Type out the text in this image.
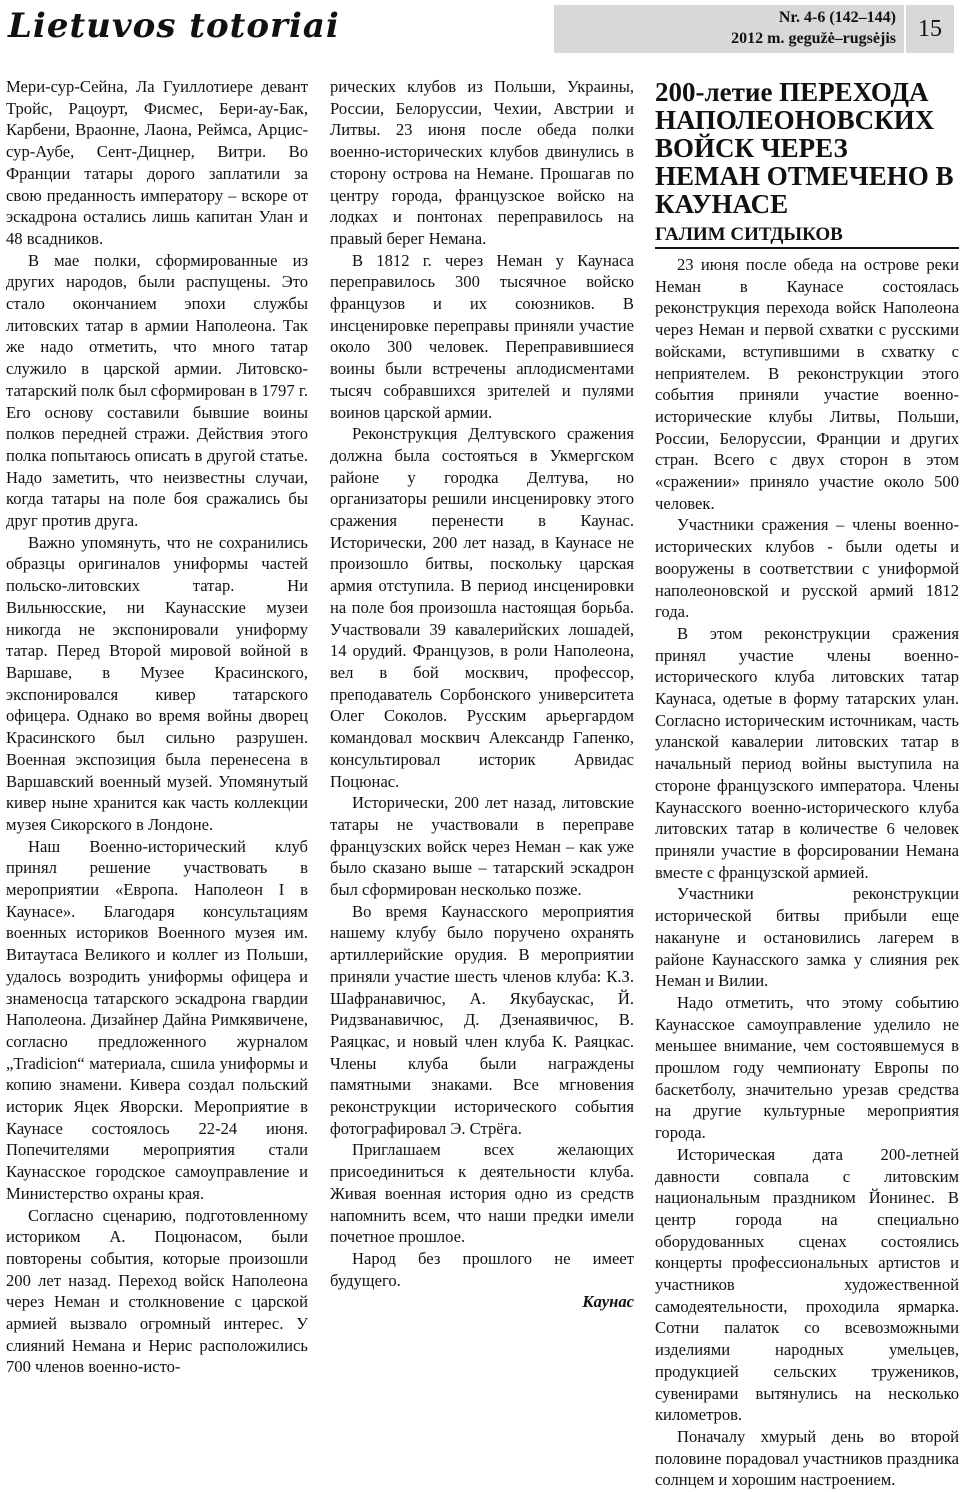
Lietuvos totoriai	Nr. 4-6 (142–144)
2012 m. gegužė–rugsėjis 15

Мери-сур-Сейна, Ла Гуиллотиере девант Тройс, Рацоурт, Фисмес, Бери-ау-Бак, Карбени, Враонне, Лаона, Реймса, Арцис-сур-Аубе, Сент-Дицнер, Витри. Во Франции татары дорого заплатили за свою преданность императору – вскоре от эскадрона остались лишь капитан Улан и 48 всадников.

В мае полки, сформированные из других народов, были распущены. Это стало окончанием эпохи службы литовских татар в армии Наполеона. Так же надо отметить, что много татар служило в царской армии. Литовско-татарский полк был сформирован в 1797 г. Его основу составили бывшие воины полков передней стражи. Действия этого полка попытаюсь описать в другой статье. Надо заметить, что неизвестны случаи, когда татары на поле боя сражались бы друг против друга.

Важно упомянуть, что не сохранились образцы оригиналов униформы частей польско-литовских татар. Ни Вильнюсские, ни Каунасские музеи никогда не экспонировали униформу татар. Перед Второй мировой войной в Варшаве, в Музее Красинского, экспонировался кивер татарского офицера. Однако во время войны дворец Красинского был сильно разрушен. Военная экспозиция была перенесена в Варшавский военный музей. Упомянутый кивер ныне хранится как часть коллекции музея Сикорского в Лондоне.

Наш Военно-исторический клуб принял решение участвовать в мероприятии «Европа. Наполеон I в Каунасе». Благодаря консультациям военных историков Военного музея им. Витаутаса Великого и коллег из Польши, удалось возродить униформы офицера и знаменосца татарского эскадрона гвардии Наполеона. Дизайнер Дайна Римкявичене, согласно предложенного журналом „Tradicion“ материала, сшила униформы и копию знамени. Кивера создал польский историк Яцек Яворски. Мероприятие в Каунасе состоялось 22-24 июня. Попечителями мероприятия стали Каунасское городское самоуправление и Министерство охраны края.

Согласно сценарию, подготовленному историком А. Поцюнасом, были повторены события, которые произошли 200 лет назад. Переход войск Наполеона через Неман и столкновение с царской армией вызвало огромный интерес. У слияний Немана и Нерис расположились 700 членов военно-исто-

рических клубов из Польши, Украины, России, Белоруссии, Чехии, Австрии и Литвы. 23 июня после обеда полки военно-исторических клубов двинулись в сторону острова на Немане. Прошагав по центру города, французское войско на лодках и понтонах переправилось на правый берег Немана.

В 1812 г. через Неман у Каунаса переправилось 300 тысячное войско французов и их союзников. В инсценировке переправы приняли участие около 300 человек. Переправившиеся воины были встречены аплодисментами тысяч собравшихся зрителей и пулями воинов царской армии.

Реконструкция Делтувского сражения должна была состояться в Укмергском районе у городка Делтува, но организаторы решили инсценировку этого сражения перенести в Каунас. Исторически, 200 лет назад, в Каунасе не произошло битвы, поскольку царская армия отступила. В период инсценировки на поле боя произошла настоящая борьба. Участвовали 39 кавалерийских лошадей, 14 орудий. Французов, в роли Наполеона, вел в бой москвич, профессор, преподаватель Сорбонского университета Олег Соколов. Русским арьергардом командовал москвич Александр Гапенко, консультировал историк Арвидас Поцюнас.

Исторически, 200 лет назад, литовские татары не участвовали в переправе французских войск через Неман – как уже было сказано выше – татарский эскадрон был сформирован несколько позже.

Во время Каунасского мероприятия нашему клубу было поручено охранять артиллерийские орудия. В мероприятии приняли участие шесть членов клуба: К.З. Шафранавичюс, А. Якубаускас, Й. Ридзванавичюс, Д. Дзенаявичюс, В. Раяцкас, и новый член клуба К. Раяцкас. Члены клуба были награждены памятными знаками. Все мгновения реконструкции исторического события фотографировал Э. Стрёга.

Приглашаем всех желающих присоединиться к деятельности клуба. Живая военная история одно из средств напомнить всем, что наши предки имели почетное прошлое.

Народ без прошлого не имеет будущего.

Каунас

200-летие ПЕРЕХОДА НАПОЛЕОНОВСКИХ ВОЙСК ЧЕРЕЗ НЕМАН ОТМЕЧЕНО В КАУНАСЕ
ГАЛИМ СИТДЫКОВ

23 июня после обеда на острове реки Неман в Каунасе состоялась реконструкция перехода войск Наполеона через Неман и первой схватки с русскими войсками, вступившими в схватку с неприятелем. В реконструкции этого события приняли участие военно-исторические клубы Литвы, Польши, России, Белоруссии, Франции и других стран. Всего с двух сторон в этом «сражении» приняло участие около 500 человек.

Участники сражения – члены военно-исторических клубов - были одеты и вооружены в соответствии с униформой наполеоновской и русской армий 1812 года.

В этом реконструкции сражения принял участие члены военно-исторического клуба литовских татар Каунаса, одетые в форму татарских улан. Согласно историческим источникам, часть уланской кавалерии литовских татар в начальный период войны выступила на стороне французского императора. Члены Каунасского военно-исторического клуба литовских татар в количестве 6 человек приняли участие в форсировании Немана вместе с французской армией.

Участники реконструкции исторической битвы прибыли еще накануне и остановились лагерем в районе Каунасского замка у слияния рек Неман и Вилии.

Надо отметить, что этому событию Каунасское самоуправление уделило не меньшее внимание, чем состоявшемуся в прошлом году чемпионату Европы по баскетболу, значительно урезав средства на другие культурные мероприятия города.

Историческая дата 200-летней давности совпала с литовским национальным праздником Йонинес. В центр города на специально оборудованных сценах состоялись концерты профессиональных артистов и участников художественной самодеятельности, проходила ярмарка. Сотни палаток со всевозможными изделиями народных умельцев, продукцией сельских тружеников, сувенирами вытянулись на несколько километров.

Поначалу хмурый день во второй половине порадовал участников праздника солнцем и хорошим настроением.
